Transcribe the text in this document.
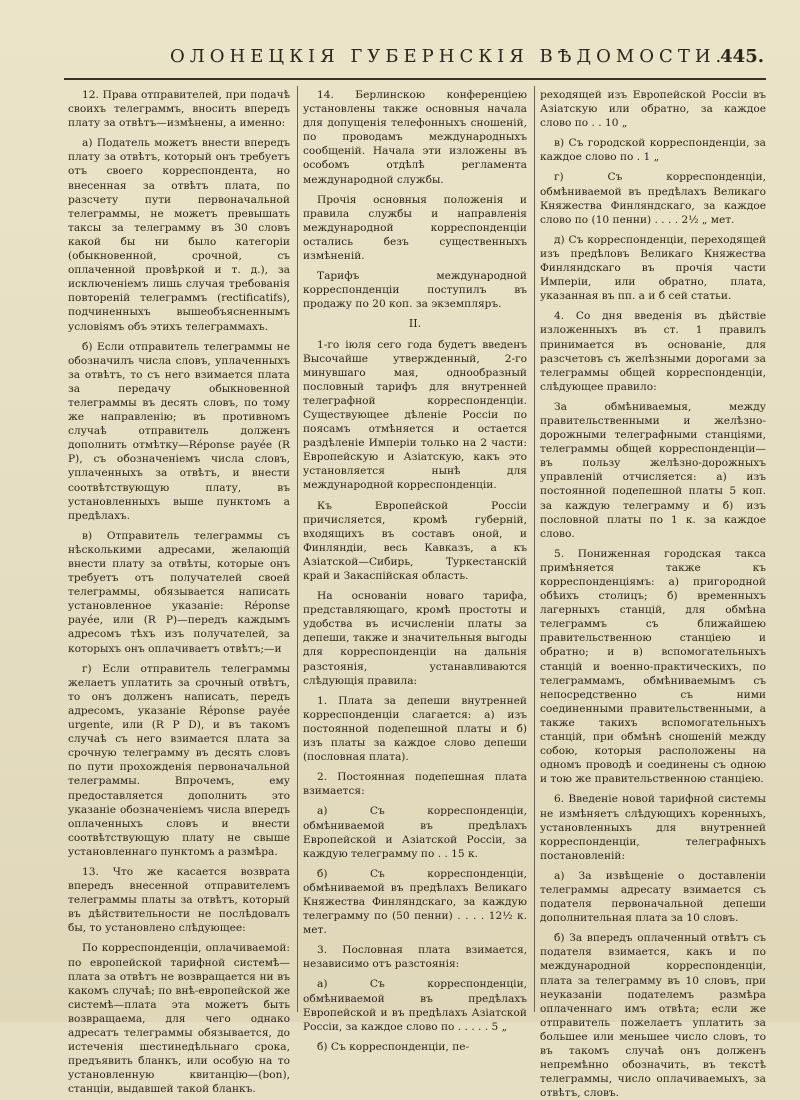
ОЛОНЕЦКІЯ ГУБЕРНСКІЯ ВѢДОМОСТИ.
445.

12. Права отправителей, при подачѣ своихъ телеграммъ, вносить впередъ плату за отвѣтъ—измѣнены, а именно:

а) Податель можетъ внести впередъ плату за отвѣтъ, который онъ требуетъ отъ своего корреспондента, но внесенная за отвѣтъ плата, по разсчету пути первоначальной телеграммы, не можетъ превышать таксы за телеграмму въ 30 словъ какой бы ни было категоріи (обыкновенной, срочной, съ оплаченной провѣркой и т. д.), за исключеніемъ лишь случая требованія повтореній телеграммъ (rectificatifs), подчиненныхъ вышеобъясненнымъ условіямъ объ этихъ телеграммахъ.

б) Если отправитель телеграммы не обозначилъ числа словъ, уплаченныхъ за отвѣтъ, то съ него взимается плата за передачу обыкновенной телеграммы въ десять словъ, по тому же направленію; въ противномъ случаѣ отправитель долженъ дополнить отмѣтку—Réponse payée (R P), съ обозначеніемъ числа словъ, уплаченныхъ за отвѣтъ, и внести соотвѣтствующую плату, въ установленныхъ выше пунктомъ а предѣлахъ.

в) Отправитель телеграммы съ нѣсколькими адресами, желающій внести плату за отвѣты, которые онъ требуетъ отъ получателей своей телеграммы, обязывается написать установленное указаніе: Réponse payée, или (R P)—передъ каждымъ адресомъ тѣхъ изъ получателей, за которыхъ онъ оплачиваетъ отвѣтъ;—и

г) Если отправитель телеграммы желаетъ уплатить за срочный отвѣтъ, то онъ долженъ написать, передъ адресомъ, указаніе Réponse payée urgente, или (R P D), и въ такомъ случаѣ съ него взимается плата за срочную телеграмму въ десять словъ по пути прохожденія первоначальной телеграммы. Впрочемъ, ему предоставляется дополнить это указаніе обозначеніемъ числа впередъ оплаченныхъ словъ и внести соотвѣтствующую плату не свыше установленнаго пунктомъ а размѣра.

13. Что же касается возврата впередъ внесенной отправителемъ телеграммы платы за отвѣтъ, который въ дѣйствительности не послѣдовалъ бы, то установлено слѣдующее:

По корреспонденціи, оплачиваемой: по европейской тарифной системѣ—плата за отвѣтъ не возвращается ни въ какомъ случаѣ; по внѣ-европейской же системѣ—плата эта можетъ быть возвращаема, для чего однако адресатъ телеграммы обязывается, до истеченія шестинедѣльнаго срока, предъявить бланкъ, или особую на то установленную квитанцію—(bon), станціи, выдавшей такой бланкъ.

14. Берлинскою конференціею установлены также основныя начала для допущенія телефонныхъ сношеній, по проводамъ международныхъ сообщеній. Начала эти изложены въ особомъ отдѣлѣ регламента международной службы.

Прочія основныя положенія и правила службы и направленія международной корреспонденціи остались безъ существенныхъ измѣненій.

Тарифъ международной корреспонденціи поступилъ въ продажу по 20 коп. за экземпляръ.

II.

1-го іюля сего года будетъ введенъ Высочайше утвержденный, 2-го минувшаго мая, однообразный пословный тарифъ для внутренней телеграфной корреспонденціи. Существующее дѣленіе Россіи по поясамъ отмѣняется и остается раздѣленіе Имперіи только на 2 части: Европейскую и Азіатскую, какъ это установляется нынѣ для международной корреспонденціи.

Къ Европейской Россіи причисляется, кромѣ губерній, входящихъ въ составъ оной, и Финляндіи, весь Кавказъ, а къ Азіатской—Сибирь, Туркестанскій край и Закаспійская область.

На основаніи новаго тарифа, представляющаго, кромѣ простоты и удобства въ исчисленіи платы за депеши, также и значительныя выгоды для корреспонденціи на дальнія разстоянія, устанавливаются слѣдующія правила:

1. Плата за депеши внутренней корреспонденціи слагается: а) изъ постоянной подепешной платы и б) изъ платы за каждое слово депеши (пословная плата).

2. Постоянная подепешная плата взимается:

а) Съ корреспонденціи, обмѣниваемой въ предѣлахъ Европейской и Азіатской Россіи, за каждую телеграмму по . . 15 к.

б) Съ корреспонденціи, обмѣниваемой въ предѣлахъ Великаго Княжества Финляндскаго, за каждую телеграмму по (50 пенни) . . . . 12½ к. мет.

3. Пословная плата взимается, независимо отъ разстоянія:

а) Съ корреспонденціи, обмѣниваемой въ предѣлахъ Европейской и въ предѣлахъ Азіатской Россіи, за каждое слово по . . . . . 5 „

б) Съ корреспонденціи, пе-

реходящей изъ Европейской Россіи въ Азіатскую или обратно, за каждое слово по . . 10 „

в) Съ городской корреспонденціи, за каждое слово по . 1 „

г) Съ корреспонденціи, обмѣниваемой въ предѣлахъ Великаго Княжества Финляндскаго, за каждое слово по (10 пенни) . . . . 2½ „ мет.

д) Съ корреспонденціи, переходящей изъ предѣловъ Великаго Княжества Финляндскаго въ прочія части Имперіи, или обратно, плата, указанная въ пп. а и б сей статьи.

4. Со дня введенія въ дѣйствіе изложенныхъ въ ст. 1 правилъ принимается въ основаніе, для разсчетовъ съ желѣзными дорогами за телеграммы общей корреспонденціи, слѣдующее правило:

За обмѣниваемыя, между правительственными и желѣзно-дорожными телеграфными станціями, телеграммы общей корреспонденціи—въ пользу желѣзно-дорожныхъ управленій отчисляется: а) изъ постоянной подепешной платы 5 коп. за каждую телеграмму и б) изъ пословной платы по 1 к. за каждое слово.

5. Пониженная городская такса примѣняется также къ корреспонденціямъ: а) пригородной обѣихъ столицъ; б) временныхъ лагерныхъ станцій, для обмѣна телеграммъ съ ближайшею правительственною станціею и обратно; и в) вспомогательныхъ станцій и военно-практическихъ, по телеграммамъ, обмѣниваемымъ съ непосредственно съ ними соединенными правительственными, а также такихъ вспомогательныхъ станцій, при обмѣнѣ сношеній между собою, которыя расположены на одномъ проводѣ и соединены съ одною и тою же правительственною станціею.

6. Введеніе новой тарифной системы не измѣняетъ слѣдующихъ коренныхъ, установленныхъ для внутренней корреспонденціи, телеграфныхъ постановленій:

а) За извѣщеніе о доставленіи телеграммы адресату взимается съ подателя первоначальной депеши дополнительная плата за 10 словъ.

б) За впередъ оплаченный отвѣтъ съ подателя взимается, какъ и по международной корреспонденціи, плата за телеграмму въ 10 словъ, при неуказаніи подателемъ размѣра оплаченнаго имъ отвѣта; если же отправитель пожелаетъ уплатить за большее или меньшее число словъ, то въ такомъ случаѣ онъ долженъ непремѣнно обозначить, въ текстѣ телеграммы, число оплачиваемыхъ, за отвѣтъ, словъ.
